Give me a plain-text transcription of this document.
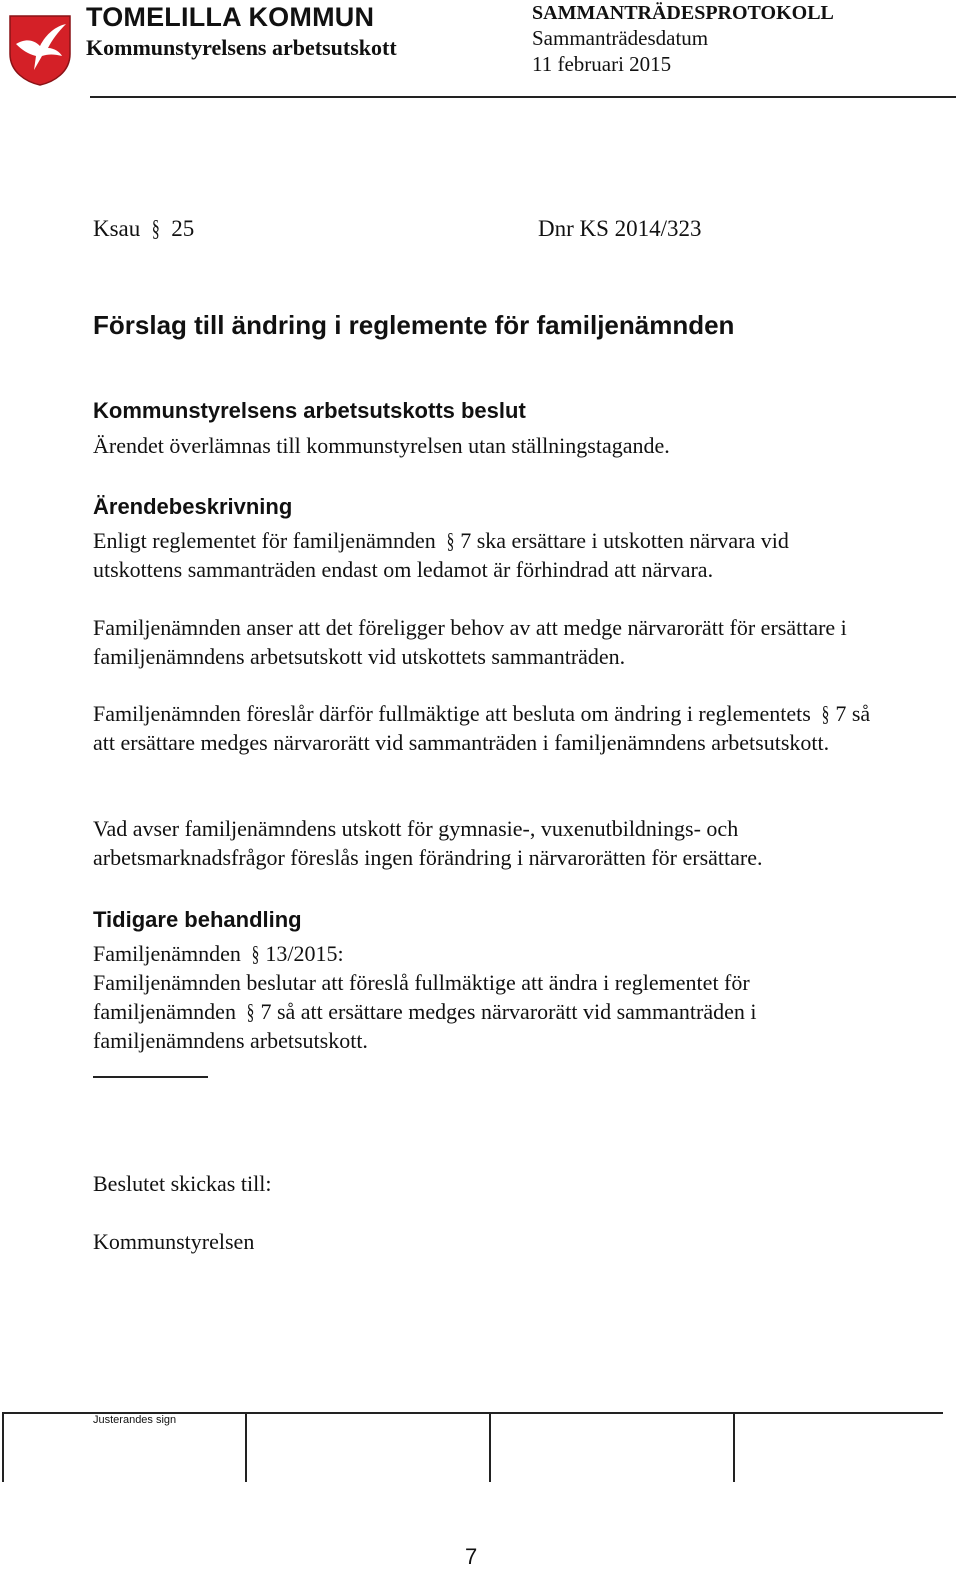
TOMELILLA KOMMUN
Kommunstyrelsens arbetsutskott
SAMMANTRÄDESPROTOKOLL
Sammanträdesdatum
11 februari 2015
Ksau § 25	Dnr KS 2014/323
Förslag till ändring i reglemente för familjenämnden
Kommunstyrelsens arbetsutskotts beslut
Ärendet överlämnas till kommunstyrelsen utan ställningstagande.
Ärendebeskrivning
Enligt reglementet för familjenämnden § 7 ska ersättare i utskotten närvara vid utskottens sammanträden endast om ledamot är förhindrad att närvara.
Familjenämnden anser att det föreligger behov av att medge närvarorätt för ersättare i familjenämndens arbetsutskott vid utskottets sammanträden.
Familjenämnden föreslår därför fullmäktige att besluta om ändring i reglementets § 7 så att ersättare medges närvarorätt vid sammanträden i familjenämndens arbetsutskott.
Vad avser familjenämndens utskott för gymnasie-, vuxenutbildnings- och arbetsmarknadsfrågor föreslås ingen förändring i närvarorätten för ersättare.
Tidigare behandling
Familjenämnden § 13/2015:
Familjenämnden beslutar att föreslå fullmäktige att ändra i reglementet för familjenämnden § 7 så att ersättare medges närvarorätt vid sammanträden i familjenämndens arbetsutskott.
Beslutet skickas till:
Kommunstyrelsen
Justerandes sign
7
